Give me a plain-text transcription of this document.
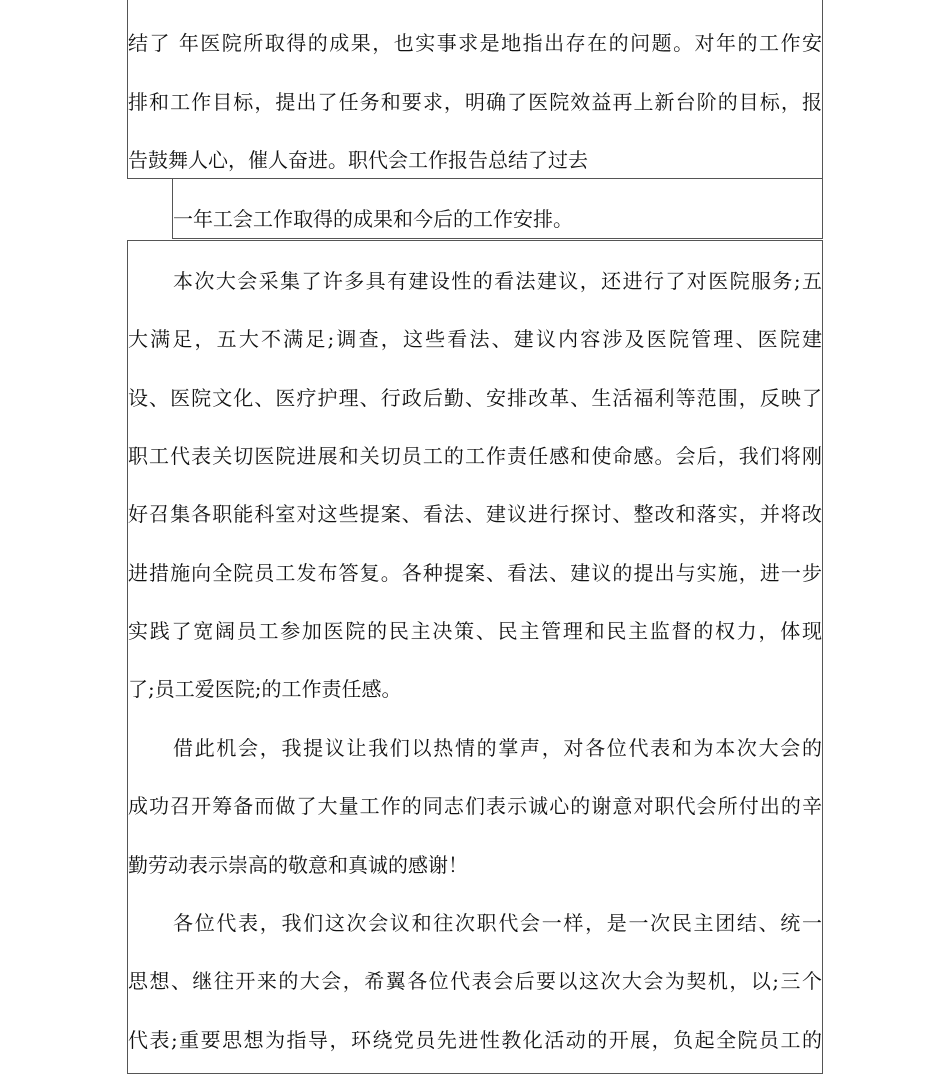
结了 年医院所取得的成果，也实事求是地指出存在的问题。对年的工作安
排和工作目标，提出了任务和要求，明确了医院效益再上新台阶的目标，报
告鼓舞人心，催人奋进。职代会工作报告总结了过去
一年工会工作取得的成果和今后的工作安排。
本次大会采集了许多具有建设性的看法建议，还进行了对医院服务;五
大满足，五大不满足;调查，这些看法、建议内容涉及医院管理、医院建
设、医院文化、医疗护理、行政后勤、安排改革、生活福利等范围，反映了
职工代表关切医院进展和关切员工的工作责任感和使命感。会后，我们将刚
好召集各职能科室对这些提案、看法、建议进行探讨、整改和落实，并将改
进措施向全院员工发布答复。各种提案、看法、建议的提出与实施，进一步
实践了宽阔员工参加医院的民主决策、民主管理和民主监督的权力，体现
了;员工爱医院;的工作责任感。
借此机会，我提议让我们以热情的掌声，对各位代表和为本次大会的
成功召开筹备而做了大量工作的同志们表示诚心的谢意对职代会所付出的辛
勤劳动表示崇高的敬意和真诚的感谢！
各位代表，我们这次会议和往次职代会一样，是一次民主团结、统一
思想、继往开来的大会，希翼各位代表会后要以这次大会为契机，以;三个
代表;重要思想为指导，环绕党员先进性教化活动的开展，负起全院员工的
